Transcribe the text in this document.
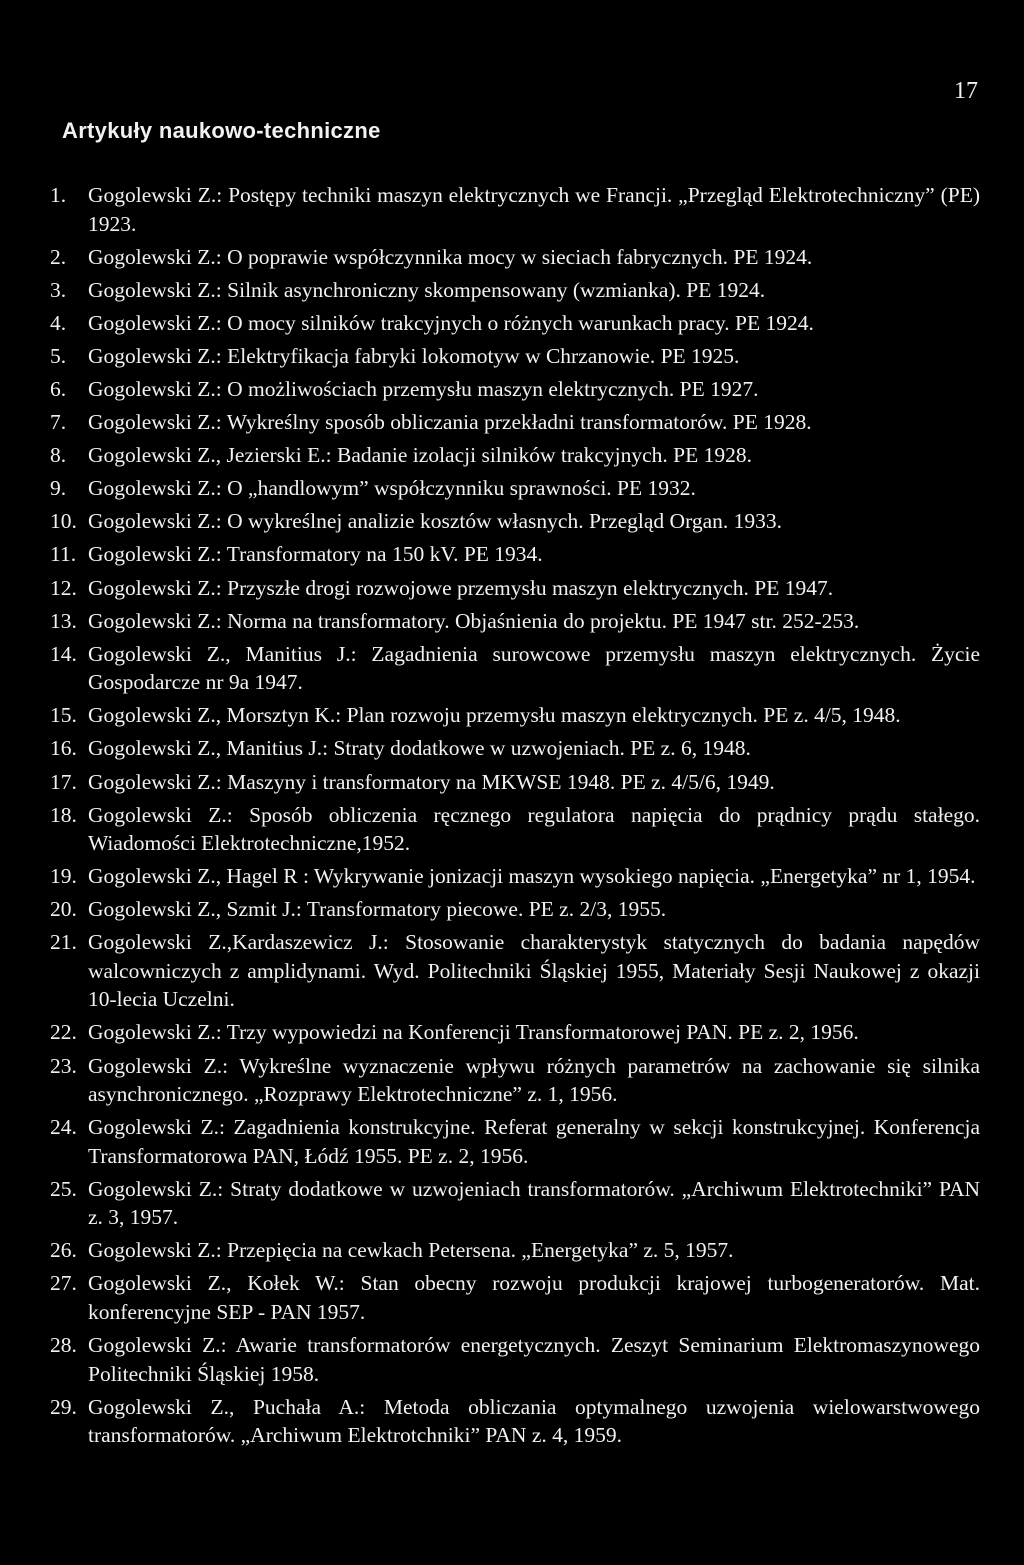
17
Artykuły naukowo-techniczne
1.	Gogolewski Z.: Postępy techniki maszyn elektrycznych we Francji. „Przegląd Elektrotechniczny” (PE) 1923.
2.	Gogolewski Z.: O poprawie współczynnika mocy w sieciach fabrycznych. PE 1924.
3.	Gogolewski Z.: Silnik asynchroniczny skompensowany (wzmianka). PE 1924.
4.	Gogolewski Z.: O mocy silników trakcyjnych o różnych warunkach pracy. PE 1924.
5.	Gogolewski Z.: Elektryfikacja fabryki lokomotyw w Chrzanowie. PE 1925.
6.	Gogolewski Z.: O możliwościach przemysłu maszyn elektrycznych. PE 1927.
7.	Gogolewski Z.: Wykreślny sposób obliczania przekładni transformatorów. PE 1928.
8.	Gogolewski Z., Jezierski E.: Badanie izolacji silników trakcyjnych. PE 1928.
9.	Gogolewski Z.: O „handlowym” współczynniku sprawności. PE 1932.
10. Gogolewski Z.: O wykreślnej analizie kosztów własnych. Przegląd Organ. 1933.
11. Gogolewski Z.: Transformatory na 150 kV. PE 1934.
12. Gogolewski Z.: Przyszłe drogi rozwojowe przemysłu maszyn elektrycznych. PE 1947.
13. Gogolewski Z.: Norma na transformatory. Objaśnienia do projektu. PE 1947 str. 252-253.
14. Gogolewski Z., Manitius J.: Zagadnienia surowcowe przemysłu maszyn elektrycznych. Życie Gospodarcze nr 9a 1947.
15. Gogolewski Z., Morsztyn K.: Plan rozwoju przemysłu maszyn elektrycznych. PE z. 4/5, 1948.
16. Gogolewski Z., Manitius J.: Straty dodatkowe w uzwojeniach. PE z. 6, 1948.
17. Gogolewski Z.: Maszyny i transformatory na MKWSE 1948. PE z. 4/5/6, 1949.
18. Gogolewski Z.: Sposób obliczenia ręcznego regulatora napięcia do prądnicy prądu stałego. Wiadomości Elektrotechniczne,1952.
19. Gogolewski Z., Hagel R : Wykrywanie jonizacji maszyn wysokiego napięcia. „Energetyka” nr 1, 1954.
20. Gogolewski Z., Szmit J.: Transformatory piecowe. PE z. 2/3, 1955.
21. Gogolewski Z.,Kardaszewicz J.: Stosowanie charakterystyk statycznych do badania napędów walcowniczych z amplidynami. Wyd. Politechniki Śląskiej 1955, Materiały Sesji Naukowej z okazji 10-lecia Uczelni.
22. Gogolewski Z.: Trzy wypowiedzi na Konferencji Transformatorowej PAN. PE z. 2, 1956.
23. Gogolewski Z.: Wykreślne wyznaczenie wpływu różnych parametrów na zachowanie się silnika asynchronicznego. „Rozprawy Elektrotechniczne” z. 1, 1956.
24. Gogolewski Z.: Zagadnienia konstrukcyjne. Referat generalny w sekcji konstrukcyjnej. Konferencja Transformatorowa PAN, Łódź 1955. PE z. 2, 1956.
25. Gogolewski Z.: Straty dodatkowe w uzwojeniach transformatorów. „Archiwum Elektrotechniki” PAN z. 3, 1957.
26. Gogolewski Z.: Przepięcia na cewkach Petersena. „Energetyka” z. 5, 1957.
27. Gogolewski Z., Kołek W.: Stan obecny rozwoju produkcji krajowej turbogeneratorów. Mat. konferencyjne SEP - PAN 1957.
28. Gogolewski Z.: Awarie transformatorów energetycznych. Zeszyt Seminarium Elektromaszynowego Politechniki Śląskiej 1958.
29. Gogolewski Z., Puchała A.: Metoda obliczania optymalnego uzwojenia wielowarstwowego transformatorów. „Archiwum Elektrotchniki” PAN z. 4, 1959.
